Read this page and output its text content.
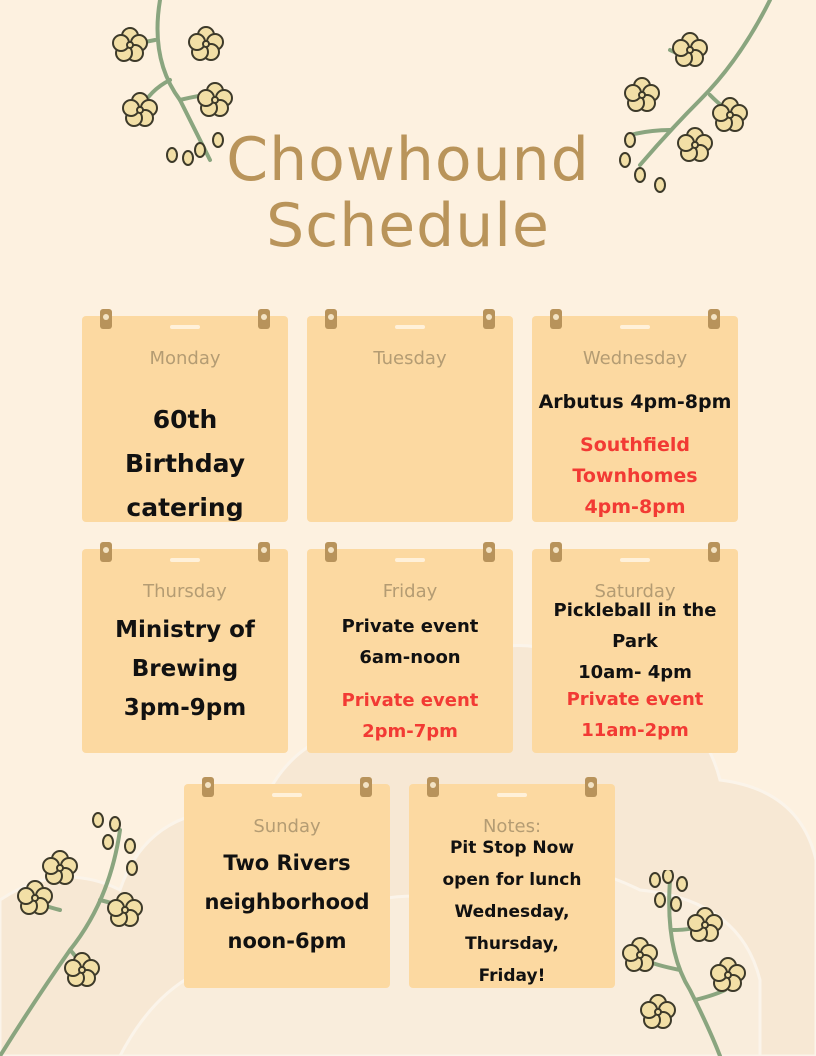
Chowhound
Schedule
Monday
60th
Birthday
catering
Tuesday	Wednesday
Arbutus 4pm-8pm
Southfield
Townhomes
4pm-8pm
Thursday
Ministry of
Brewing
3pm-9pm
Friday
Private event
6am-noon
Private event
2pm-7pm
Saturday
Pickleball in the
Park
10am- 4pm
Private event
11am-2pm
Sunday
Two Rivers
neighborhood
noon-6pm
Notes:
Pit Stop Now
open for lunch
Wednesday,
Thursday,
Friday!
